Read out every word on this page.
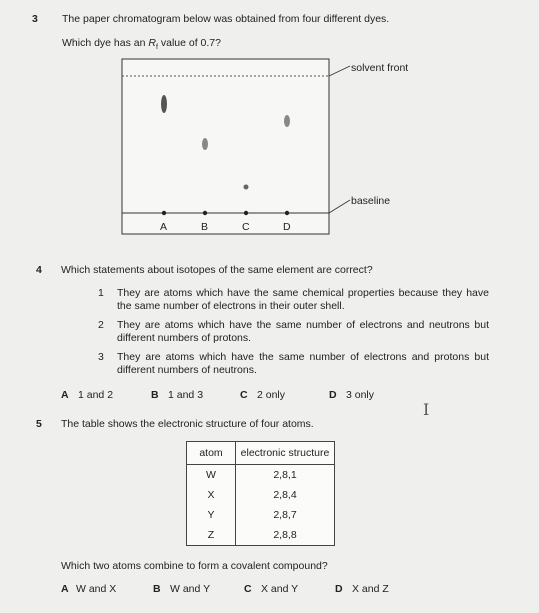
3 The paper chromatogram below was obtained from four different dyes.
Which dye has an $R_f$ value of 0.7?
solvent front
baseline
A	B	C	D
4 Which statements about isotopes of the same element are correct?
1 They are atoms which have the same chemical properties because they have the same number of electrons in their outer shell.
2 They are atoms which have the same number of electrons and neutrons but different numbers of protons.
3 They are atoms which have the same number of electrons and protons but different numbers of neutrons.
A 1 and 2	B 1 and 3	C 2 only	D 3 only
I
5 The table shows the electronic structure of four atoms.
atom	electronic structure
W	2,8,1
X	2,8,4
Y	2,8,7
Z	2,8,8
Which two atoms combine to form a covalent compound?
A W and X	B W and Y	C X and Y	D X and Z
